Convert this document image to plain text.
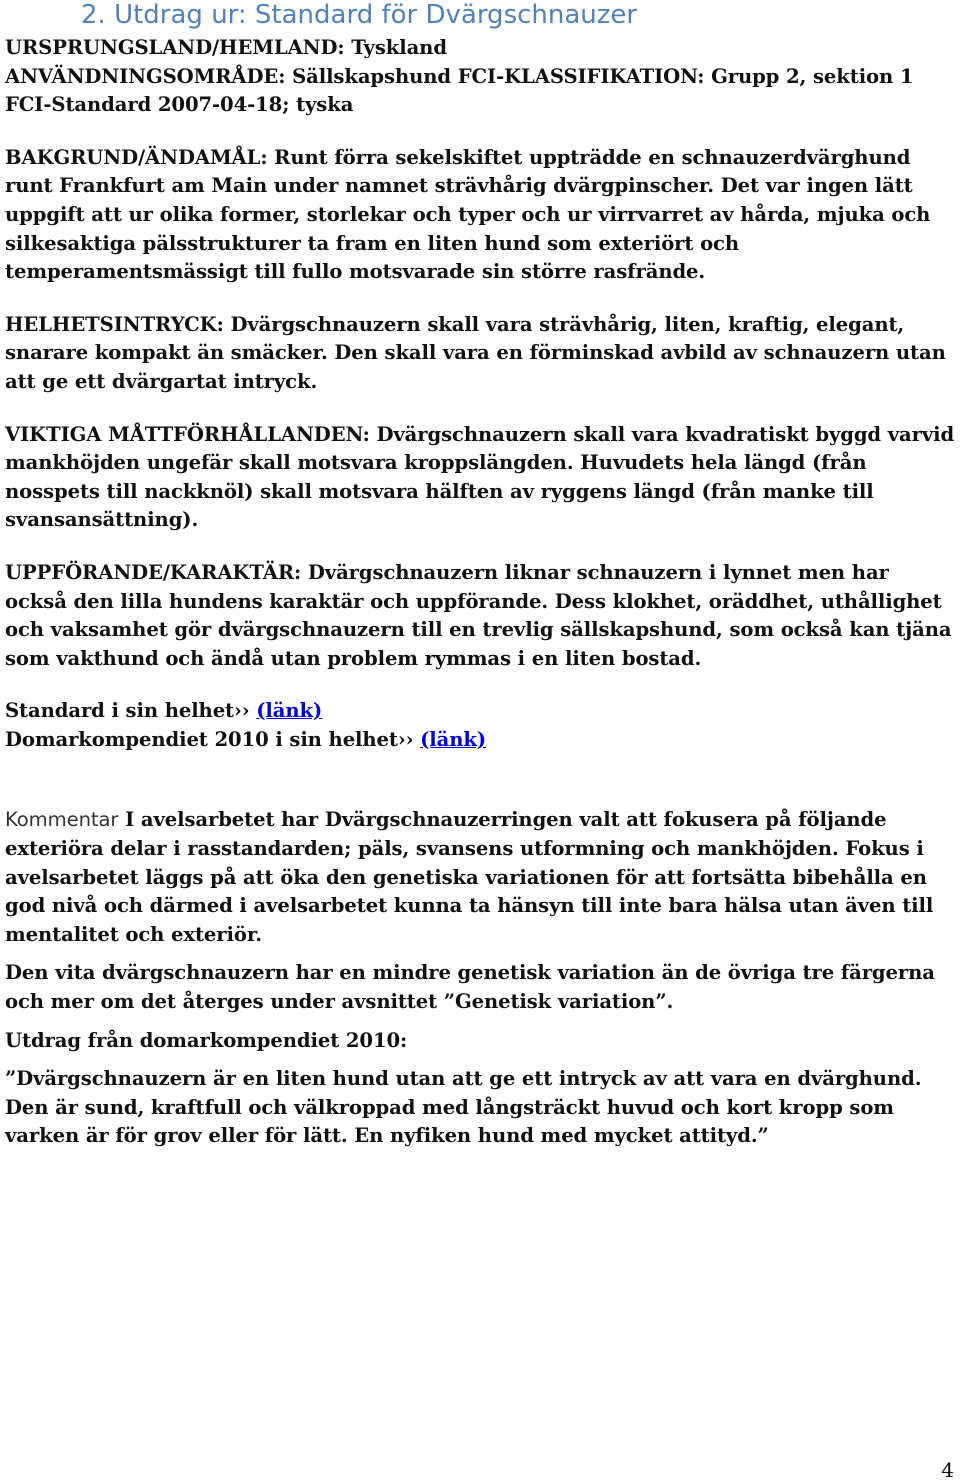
2. Utdrag ur: Standard för Dvärgschnauzer

URSPRUNGSLAND/HEMLAND: Tyskland

ANVÄNDNINGSOMRÅDE: Sällskapshund FCI-KLASSIFIKATION: Grupp 2, sektion 1

FCI-Standard 2007-04-18; tyska

BAKGRUND/ÄNDAMÅL: Runt förra sekelskiftet uppträdde en schnauzerdvärghund runt Frankfurt am Main under namnet strävhårig dvärgpinscher. Det var ingen lätt uppgift att ur olika former, storlekar och typer och ur virrvarret av hårda, mjuka och silkesaktiga pälsstrukturer ta fram en liten hund som exteriört och temperamentsmässigt till fullo motsvarade sin större rasfrände.

HELHETSINTRYCK: Dvärgschnauzern skall vara strävhårig, liten, kraftig, elegant, snarare kompakt än smäcker. Den skall vara en förminskad avbild av schnauzern utan att ge ett dvärgartat intryck.

VIKTIGA MÅTTFÖRHÅLLANDEN: Dvärgschnauzern skall vara kvadratiskt byggd varvid mankhöjden ungefär skall motsvara kroppslängden. Huvudets hela längd (från nosspets till nackknöl) skall motsvara hälften av ryggens längd (från manke till svansansättning).

UPPFÖRANDE/KARAKTÄR: Dvärgschnauzern liknar schnauzern i lynnet men har också den lilla hundens karaktär och uppförande. Dess klokhet, oräddhet, uthållighet och vaksamhet gör dvärgschnauzern till en trevlig sällskapshund, som också kan tjäna som vakthund och ändå utan problem rymmas i en liten bostad.

Standard i sin helhet›› (länk)

Domarkompendiet 2010 i sin helhet›› (länk)

Kommentar I avelsarbetet har Dvärgschnauzerringen valt att fokusera på följande exteriöra delar i rasstandarden; päls, svansens utformning och mankhöjden. Fokus i avelsarbetet läggs på att öka den genetiska variationen för att fortsätta bibehålla en god nivå och därmed i avelsarbetet kunna ta hänsyn till inte bara hälsa utan även till mentalitet och exteriör.

Den vita dvärgschnauzern har en mindre genetisk variation än de övriga tre färgerna och mer om det återges under avsnittet ”Genetisk variation”.

Utdrag från domarkompendiet 2010:

”Dvärgschnauzern är en liten hund utan att ge ett intryck av att vara en dvärghund. Den är sund, kraftfull och välkroppad med långsträckt huvud och kort kropp som varken är för grov eller för lätt. En nyfiken hund med mycket attityd.”

4
